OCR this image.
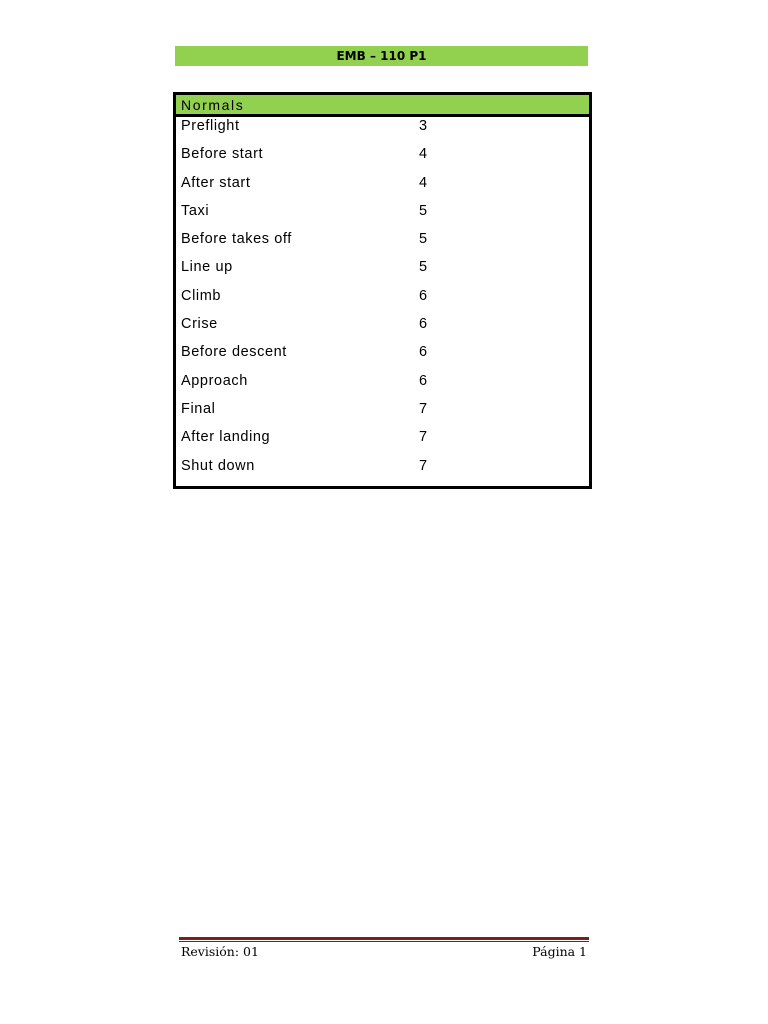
EMB – 110 P1
Normals
Preflight	3
Before start	4
After start	4
Taxi	5
Before takes off	5
Line up	5
Climb	6
Crise	6
Before descent	6
Approach	6
Final	7
After landing	7
Shut down	7
Revisión: 01	Página 1
